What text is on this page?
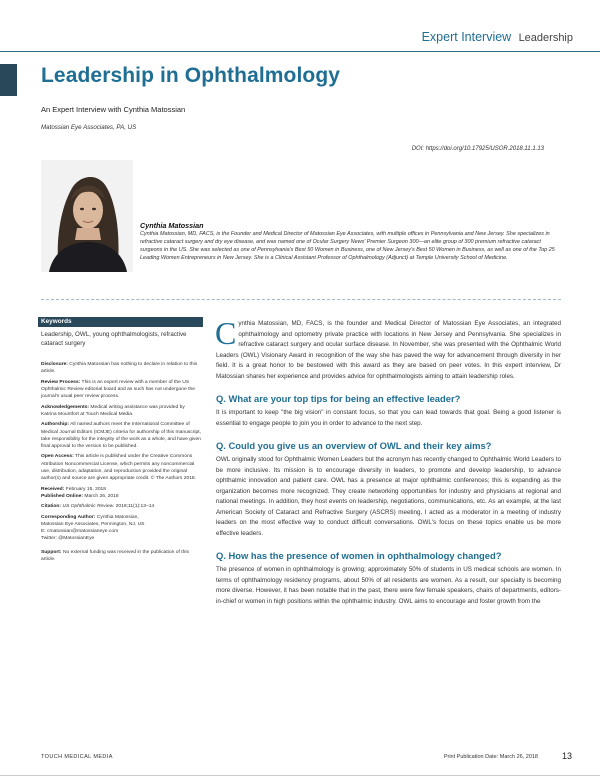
Expert Interview Leadership
Leadership in Ophthalmology
An Expert Interview with Cynthia Matossian
Matossian Eye Associates, PA, US
DOI: https://doi.org/10.17925/USOR.2018.11.1.13
Cynthia Matossian
Cynthia Matossian, MD, FACS, is the Founder and Medical Director of Matossian Eye Associates, with multiple offices in Pennsylvania and New Jersey. She specializes in refractive cataract surgery and dry eye disease, and was named one of Ocular Surgery News' Premier Surgeon 300—an elite group of 300 premium refractive cataract surgeons in the US. She was selected as one of Pennsylvania's Best 50 Women in Business, one of New Jersey's Best 50 Women in Business, as well as one of the Top 25 Leading Women Entrepreneurs in New Jersey. She is a Clinical Assistant Professor of Ophthalmology (Adjunct) at Temple University School of Medicine.
Keywords
Leadership, OWL, young ophthalmologists, refractive cataract surgery

Disclosure: Cynthia Matossian has nothing to declare in relation to this article.

Review Process: This is an expert review with a member of the US Ophthalmic Review editorial board and as such has not undergone the journal's usual peer review process.

Acknowledgements: Medical writing assistance was provided by Katrina Mountfort at Touch Medical Media.

Authorship: All named authors meet the International Committee of Medical Journal Editors (ICMJE) criteria for authorship of this manuscript, take responsibility for the integrity of the work as a whole, and have given final approval to the version to be published.

Open Access: This article is published under the Creative Commons Attribution Noncommercial License, which permits any noncommercial use, distribution, adaptation, and reproduction provided the original author(s) and source are given appropriate credit. © The Authors 2018.

Received: February 15, 2018
Published Online: March 26, 2018

Citation: US Ophthalmic Review. 2018;11(1):13–14

Corresponding Author: Cynthia Matossian,
Matossian Eye Associates, Pennington, NJ, US
E: cmatossian@matossianeye.com
Twitter: @MatossianEye

Support: No external funding was received in the publication of this article.

Cynthia Matossian, MD, FACS, is the founder and Medical Director of Matossian Eye Associates, an integrated ophthalmology and optometry private practice with locations in New Jersey and Pennsylvania. She specializes in refractive cataract surgery and ocular surface disease. In November, she was presented with the Ophthalmic World Leaders (OWL) Visionary Award in recognition of the way she has paved the way for advancement through diversity in her field. It is a great honor to be bestowed with this award as they are based on peer votes. In this expert interview, Dr Matossian shares her experience and provides advice for ophthalmologists aiming to attain leadership roles.

Q. What are your top tips for being an effective leader?

It is important to keep "the big vision" in constant focus, so that you can lead towards that goal. Being a good listener is essential to engage people to join you in order to advance to the next step.

Q. Could you give us an overview of OWL and their key aims?

OWL originally stood for Ophthalmic Women Leaders but the acronym has recently changed to Ophthalmic World Leaders to be more inclusive. Its mission is to encourage diversity in leaders, to promote and develop leadership, to advance ophthalmic innovation and patient care. OWL has a presence at major ophthalmic conferences; this is expanding as the organization becomes more recognized. They create networking opportunities for industry and physicians at regional and national meetings. In addition, they host events on leadership, negotiations, communications, etc. As an example, at the last American Society of Cataract and Refractive Surgery (ASCRS) meeting, I acted as a moderator in a meeting of industry leaders on the most effective way to conduct difficult conversations. OWL's focus on these topics enable us be more effective leaders.

Q. How has the presence of women in ophthalmology changed?

The presence of women in ophthalmology is growing; approximately 50% of students in US medical schools are women. In terms of ophthalmology residency programs, about 50% of all residents are women. As a result, our specialty is becoming more diverse. However, it has been notable that in the past, there were few female speakers, chairs of departments, editors-in-chief or women in high positions within the ophthalmic industry. OWL aims to encourage and foster growth from the

TOUCH MEDICAL MEDIA	Print Publication Date: March 26, 2018	13
